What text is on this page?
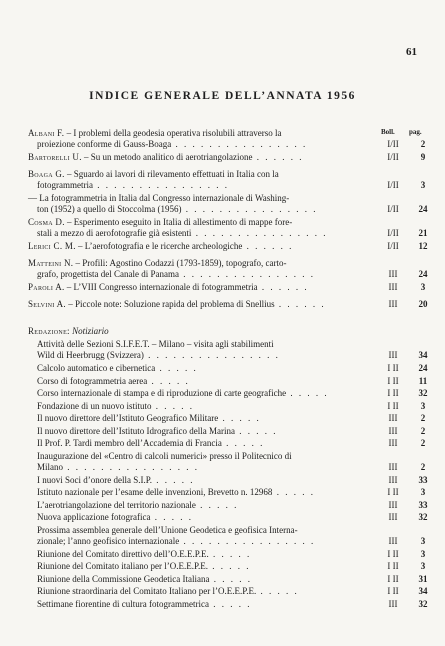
61
INDICE GENERALE DELL’ANNATA 1956
Boll. pag.
Albani F. – I problemi della geodesia operativa risolubili attraverso la
proiezione conforme di Gauss-Boaga . . . . . . . . . . . . . . . .	I/II	2
Bartorelli U. – Su un metodo analitico di aerotriangolazione . . . . . .	I/II	9
Boaga G. – Sguardo ai lavori di rilevamento effettuati in Italia con la
fotogrammetria . . . . . . . . . . . . . . . .	I/II	3
— La fotogrammetria in Italia dal Congresso internazionale di Washing-
ton (1952) a quello di Stoccolma (1956) . . . . . . . . . . . . . . . .	I/II	24
Cosma D. – Esperimento eseguito in Italia di allestimento di mappe fore-
stali a mezzo di aerofotografie già esistenti . . . . . . . . . . . . . . . .	I/II	21
Lerici C. M. – L’aerofotografia e le ricerche archeologiche . . . . . .	I/II	12
Matteini N. – Profili: Agostino Codazzi (1793-1859), topografo, carto-
grafo, progettista del Canale di Panama . . . . . . . . . . . . . . . .	III	24
Paroli A. – L’VIII Congresso internazionale di fotogrammetria . . . . . .	III	3
Selvini A. – Piccole note: Soluzione rapida del problema di Snellius . . . . . .	III	20
Redazione: Notiziario
Attività delle Sezioni S.I.F.E.T. – Milano – visita agli stabilimenti
Wild di Heerbrugg (Svizzera) . . . . . . . . . . . . . . . .	III	34
Calcolo automatico e cibernetica . . . . .	I II	24
Corso di fotogrammetria aerea . . . . .	I II	11
Corso internazionale di stampa e di riproduzione di carte geografiche . . . . .	I II	32
Fondazione di un nuovo istituto . . . . .	I II	3
Il nuovo direttore dell’Istituto Geografico Militare . . . . .	III	2
Il nuovo direttore dell’Istituto Idrografico della Marina . . . . .	III	2
Il Prof. P. Tardi membro dell’Accademia di Francia . . . . .	III	2
Inaugurazione del «Centro di calcoli numerici» presso il Politecnico di
Milano . . . . . . . . . . . . . . . .	III	2
I nuovi Soci d’onore della S.I.P. . . . . .	III	33
Istituto nazionale per l’esame delle invenzioni, Brevetto n. 12968 . . . . .	I II	3
L’aerotriangolazione del territorio nazionale . . . . .	III	33
Nuova applicazione fotografica . . . . .	III	32
Prossima assemblea generale dell’Unione Geodetica e geofisica Interna-
zionale; l’anno geofisico internazionale . . . . . . . . . . . . . . . .	III	3
Riunione del Comitato direttivo dell’O.E.E.P.E. . . . . .	I II	3
Riunione del Comitato italiano per l’O.E.E.P.E. . . . . .	I II	3
Riunione della Commissione Geodetica Italiana . . . . .	I II	31
Riunione straordinaria del Comitato Italiano per l’O.E.E.P.E. . . . . .	I II	34
Settimane fiorentine di cultura fotogrammetrica . . . . .	III	32
